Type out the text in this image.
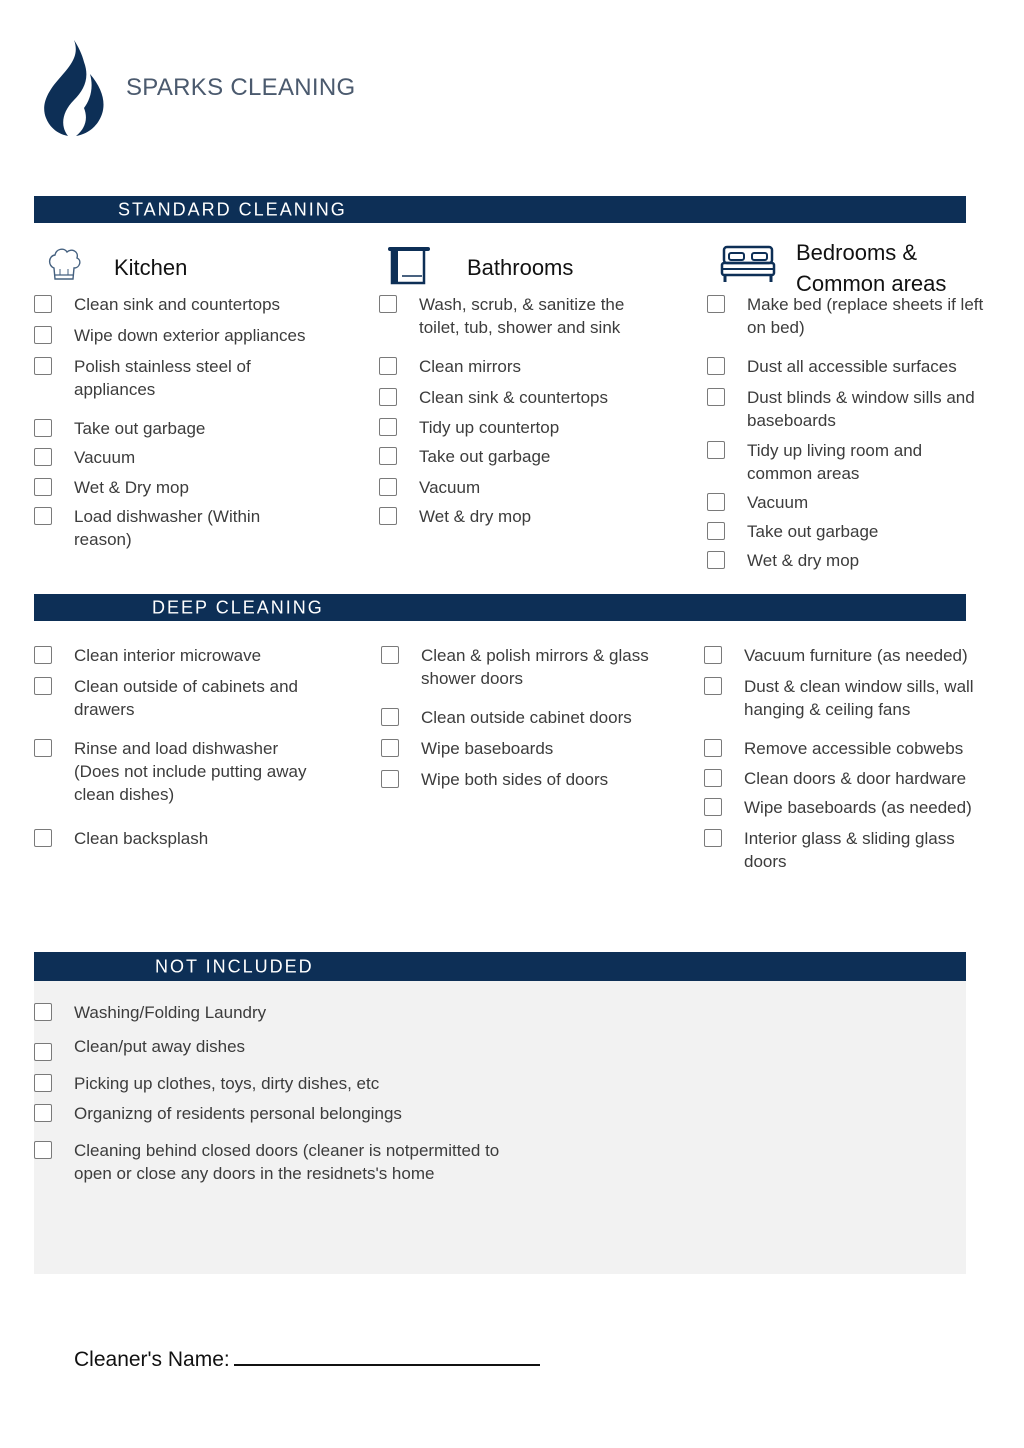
SPARKS CLEANING
STANDARD CLEANING
Kitchen	Bathrooms
Bedrooms &
Common areas
Clean sink and countertops
Wipe down exterior appliances
Polish stainless steel of appliances
Take out garbage
Vacuum
Wet & Dry mop
Load dishwasher (Within reason)
Wash, scrub, & sanitize the toilet, tub, shower and sink
Clean mirrors
Clean sink & countertops
Tidy up countertop
Take out garbage
Vacuum
Wet & dry mop
Make bed (replace sheets if left on bed)
Dust all accessible surfaces
Dust blinds & window sills and baseboards
Tidy up living room and common areas
Vacuum
Take out garbage
Wet & dry mop
DEEP CLEANING
Clean interior microwave
Clean outside of cabinets and drawers
Rinse and load dishwasher (Does not include putting away clean dishes)
Clean backsplash
Clean & polish mirrors & glass shower doors
Clean outside cabinet doors
Wipe baseboards
Wipe both sides of doors
Vacuum furniture (as needed)
Dust & clean window sills, wall hanging & ceiling fans
Remove accessible cobwebs
Clean doors & door hardware
Wipe baseboards (as needed)
Interior glass & sliding glass doors
NOT INCLUDED
Washing/Folding Laundry
Clean/put away dishes
Picking up clothes, toys, dirty dishes, etc
Organizng of residents personal belongings
Cleaning behind closed doors (cleaner is notpermitted to open or close any doors in the residnets's home
Cleaner's Name:
